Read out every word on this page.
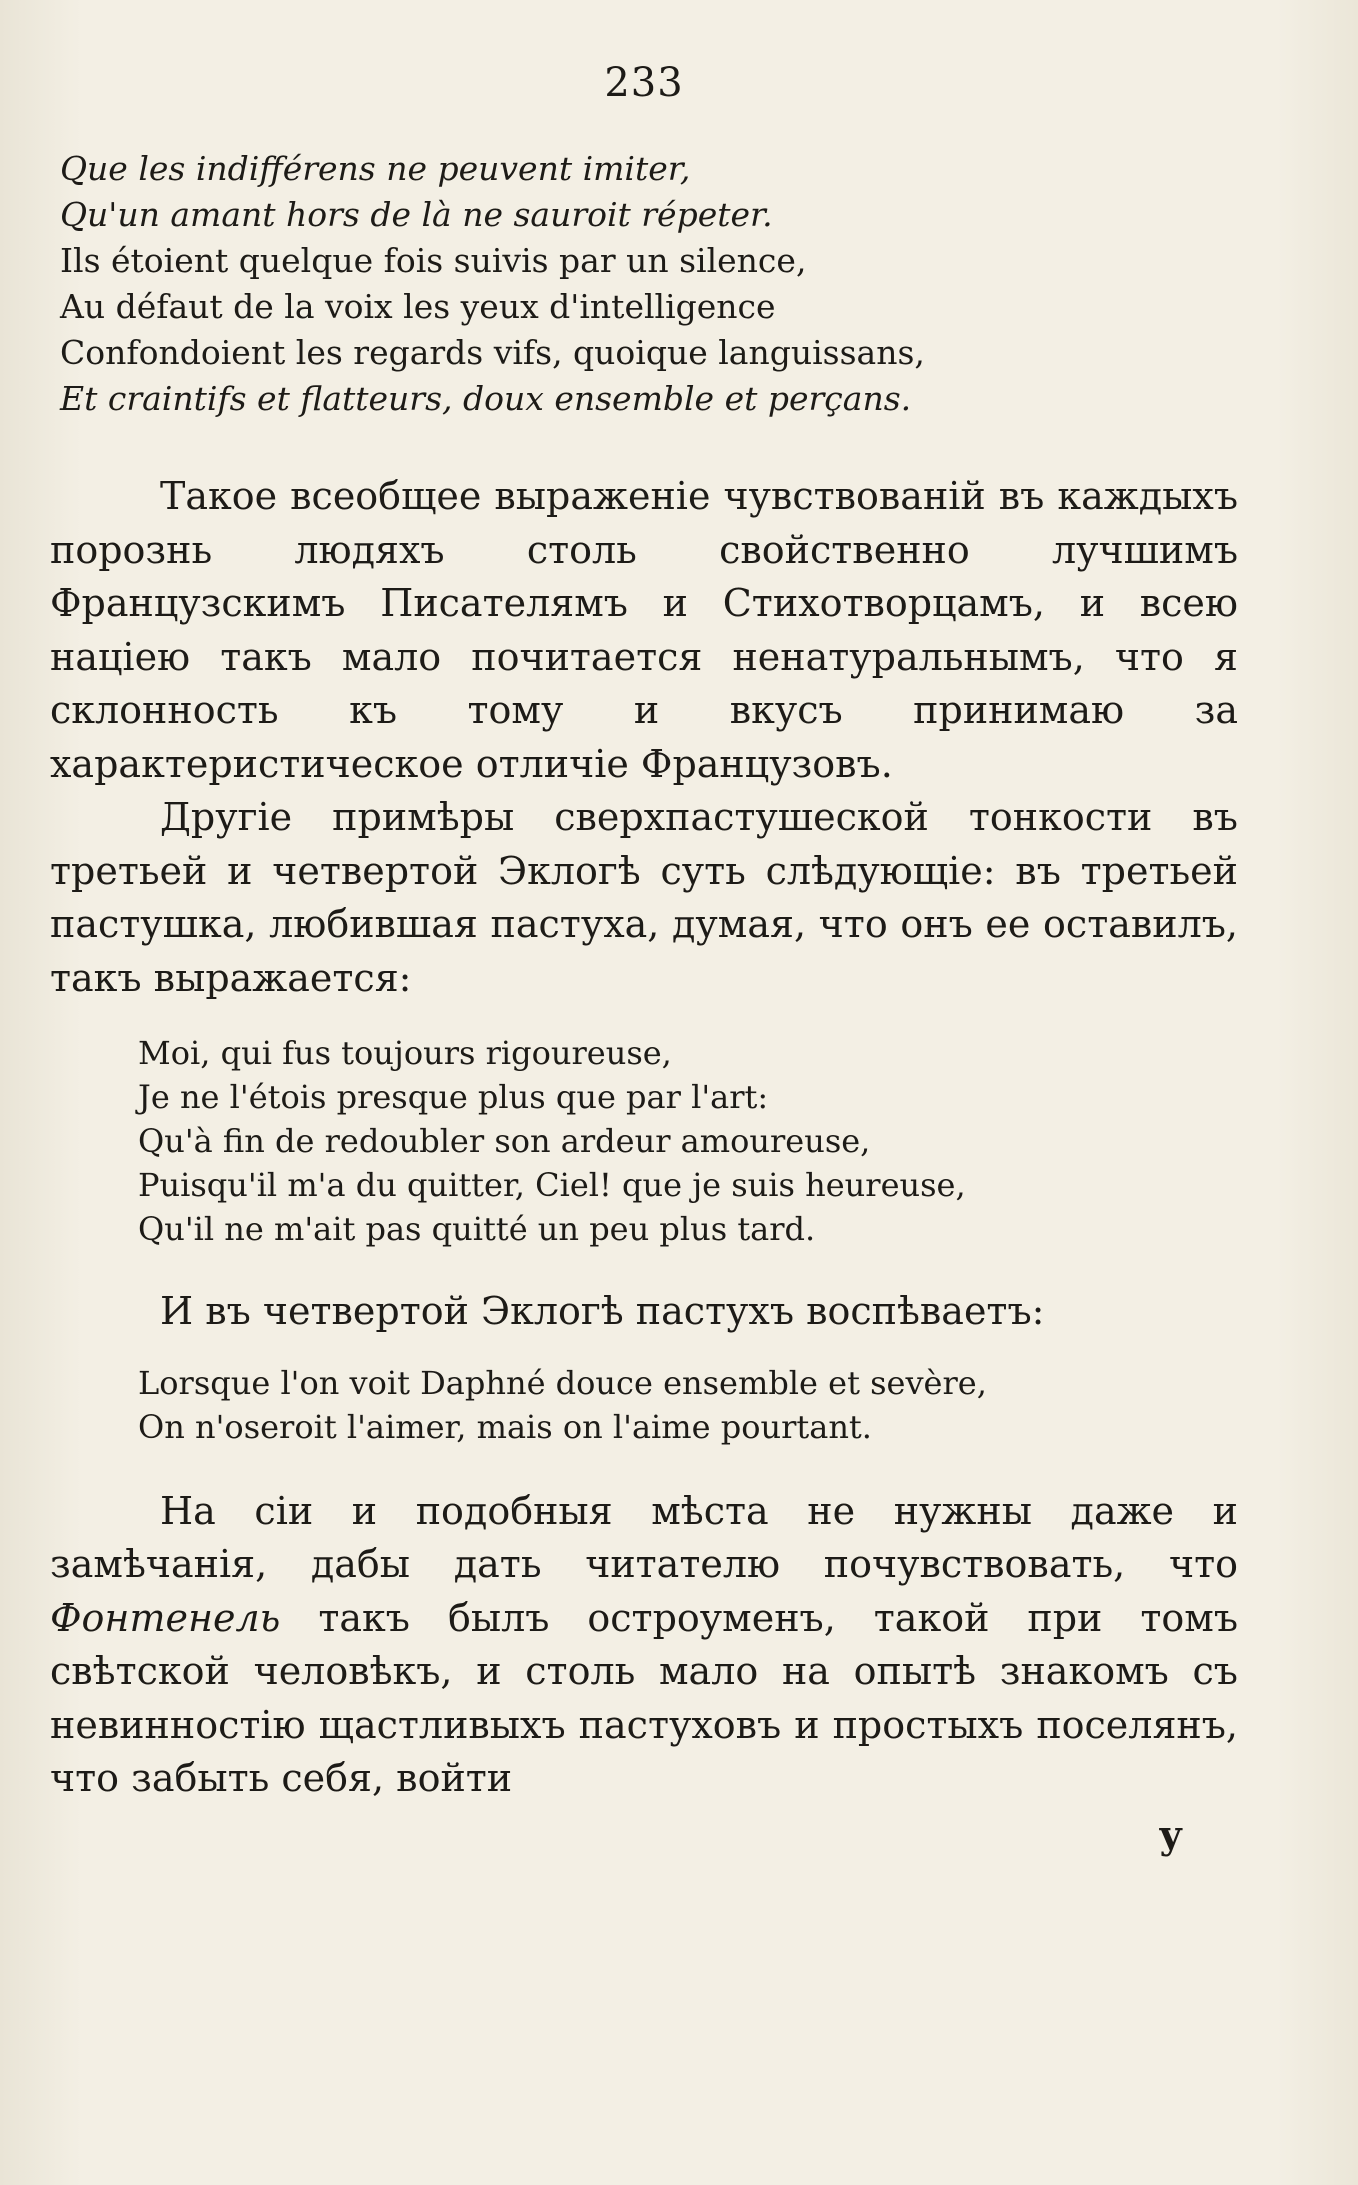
233
Que les indifférens ne peuvent imiter,
Qu'un amant hors de là ne sauroit répeter.
Ils étoient quelque fois suivis par un silence,
Au défaut de la voix les yeux d'intelligence
Confondoient les regards vifs, quoique languissans,
Et craintifs et flatteurs, doux ensemble et perçans.

Такое всеобщее выраженіе чувствованій въ каждыхъ порознь людяхъ столь свойственно лучшимъ Французскимъ Писателямъ и Стихотворцамъ, и всею націею такъ мало почитается ненатуральнымъ, что я склонность къ тому и вкусъ принимаю за характеристическое отличіе Французовъ.

Другіе примѣры сверхпастушеской тонкости въ третьей и четвертой Эклогѣ суть слѣдующіе: въ третьей пастушка, любившая пастуха, думая, что онъ ее оставилъ, такъ выражается:

Moi, qui fus toujours rigoureuse,
Je ne l'étois presque plus que par l'art:
Qu'à fin de redoubler son ardeur amoureuse,
Puisqu'il m'a du quitter, Ciel! que je suis heureuse,
Qu'il ne m'ait pas quitté un peu plus tard.

И въ четвертой Эклогѣ пастухъ воспѣваетъ:

Lorsque l'on voit Daphné douce ensemble et sevère,
On n'oseroit l'aimer, mais on l'aime pourtant.

На сіи и подобныя мѣста не нужны даже и замѣчанія, дабы дать читателю почувствовать, что Фонтенель такъ былъ остроуменъ, такой при томъ свѣтской человѣкъ, и столь мало на опытѣ знакомъ съ невинностію щастливыхъ пастуховъ и простыхъ поселянъ, что забыть себя, войти

у
